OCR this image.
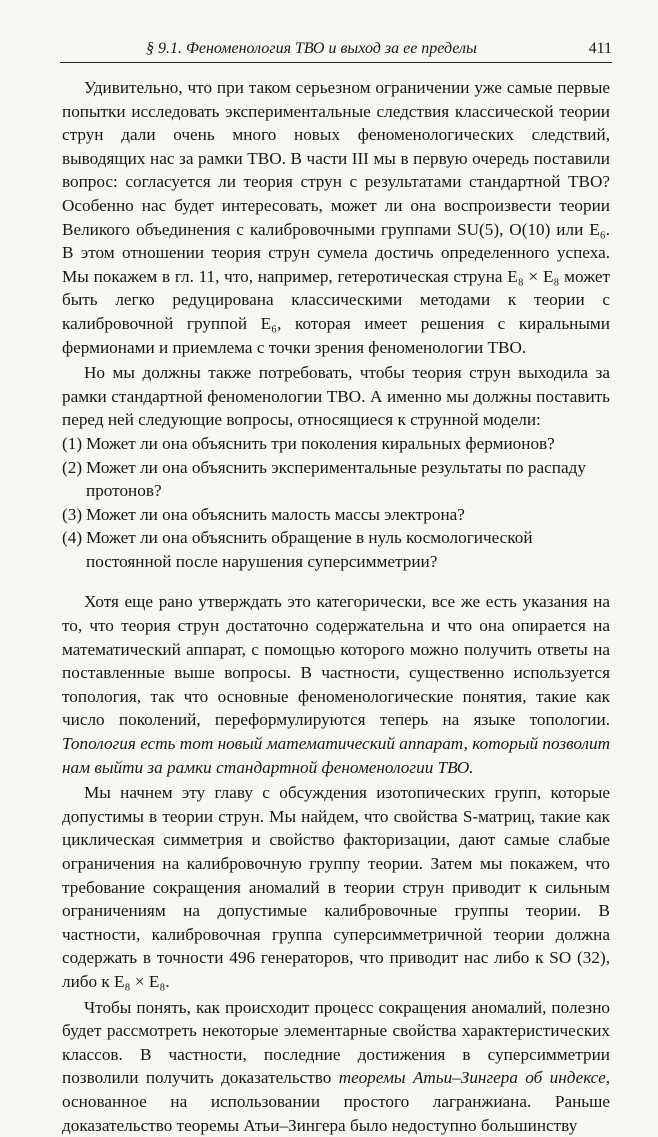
§ 9.1. Феноменология ТВО и выход за ее пределы	411

Удивительно, что при таком серьезном ограничении уже самые первые попытки исследовать экспериментальные следствия классической теории струн дали очень много новых феноменологических следствий, выводящих нас за рамки ТВО. В части III мы в первую очередь поставили вопрос: согласуется ли теория струн с результатами стандартной ТВО? Особенно нас будет интересовать, может ли она воспроизвести теории Великого объединения с калибровочными группами SU(5), O(10) или E₆. В этом отношении теория струн сумела достичь определенного успеха. Мы покажем в гл. 11, что, например, гетеротическая струна E₈ × E₈ может быть легко редуцирована классическими методами к теории с калибровочной группой E₆, которая имеет решения с киральными фермионами и приемлема с точки зрения феноменологии ТВО.

Но мы должны также потребовать, чтобы теория струн выходила за рамки стандартной феноменологии ТВО. А именно мы должны поставить перед ней следующие вопросы, относящиеся к струнной модели:

(1) Может ли она объяснить три поколения киральных фермионов?
(2) Может ли она объяснить экспериментальные результаты по распаду протонов?
(3) Может ли она объяснить малость массы электрона?
(4) Может ли она объяснить обращение в нуль космологической постоянной после нарушения суперсимметрии?

Хотя еще рано утверждать это категорически, все же есть указания на то, что теория струн достаточно содержательна и что она опирается на математический аппарат, с помощью которого можно получить ответы на поставленные выше вопросы. В частности, существенно используется топология, так что основные феноменологические понятия, такие как число поколений, переформулируются теперь на языке топологии. Топология есть тот новый математический аппарат, который позволит нам выйти за рамки стандартной феноменологии ТВО.

Мы начнем эту главу с обсуждения изотопических групп, которые допустимы в теории струн. Мы найдем, что свойства S-матриц, такие как циклическая симметрия и свойство факторизации, дают самые слабые ограничения на калибровочную группу теории. Затем мы покажем, что требование сокращения аномалий в теории струн приводит к сильным ограничениям на допустимые калибровочные группы теории. В частности, калибровочная группа суперсимметричной теории должна содержать в точности 496 генераторов, что приводит нас либо к SO (32), либо к E₈ × E₈.

Чтобы понять, как происходит процесс сокращения аномалий, полезно будет рассмотреть некоторые элементарные свойства характеристических классов. В частности, последние достижения в суперсимметрии позволили получить доказательство теоремы Атьи–Зингера об индексе, основанное на использовании простого лагранжиана. Раньше доказательство теоремы Атьи–Зингера было недоступно большинству
